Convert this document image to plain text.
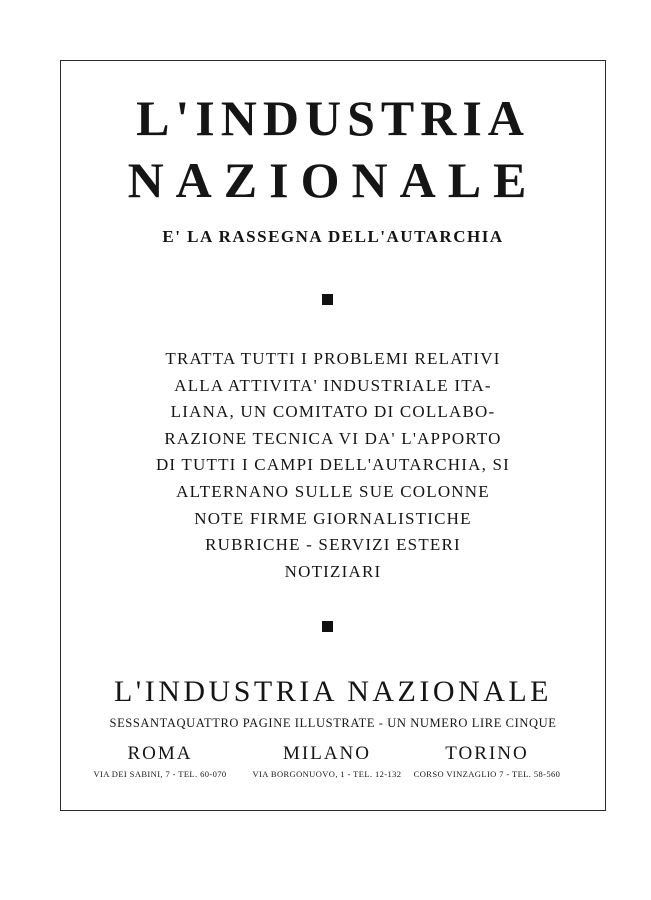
L'INDUSTRIA
NAZIONALE
E' LA RASSEGNA DELL'AUTARCHIA
TRATTA TUTTI I PROBLEMI RELATIVI
ALLA ATTIVITA' INDUSTRIALE ITA-
LIANA, UN COMITATO DI COLLABO-
RAZIONE TECNICA VI DA' L'APPORTO
DI TUTTI I CAMPI DELL'AUTARCHIA, SI
ALTERNANO SULLE SUE COLONNE
NOTE FIRME GIORNALISTICHE
RUBRICHE - SERVIZI ESTERI
NOTIZIARI
L'INDUSTRIA NAZIONALE
SESSANTAQUATTRO PAGINE ILLUSTRATE - UN NUMERO LIRE CINQUE
ROMA
VIA DEI SABINI, 7 - TEL. 60-070
MILANO
VIA BORGONUOVO, 1 - TEL. 12-132
TORINO
CORSO VINZAGLIO 7 - TEL. 58-560
